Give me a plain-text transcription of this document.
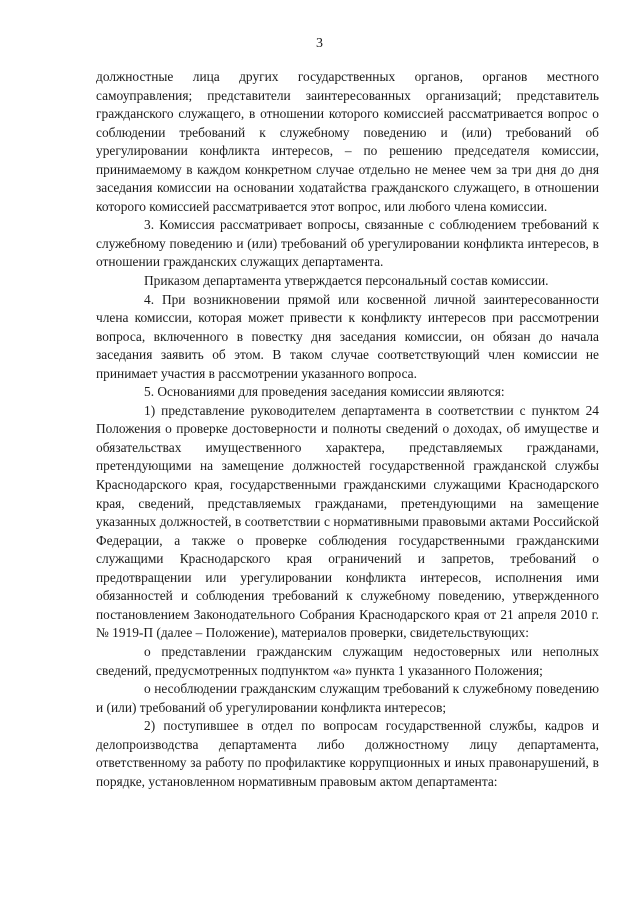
3

должностные лица других государственных органов, органов местного самоуправления; представители заинтересованных организаций; представитель гражданского служащего, в отношении которого комиссией рассматривается вопрос о соблюдении требований к служебному поведению и (или) требований об урегулировании конфликта интересов, – по решению председателя комиссии, принимаемому в каждом конкретном случае отдельно не менее чем за три дня до дня заседания комиссии на основании ходатайства гражданского служащего, в отношении которого комиссией рассматривается этот вопрос, или любого члена комиссии.

3. Комиссия рассматривает вопросы, связанные с соблюдением требований к служебному поведению и (или) требований об урегулировании конфликта интересов, в отношении гражданских служащих департамента.

Приказом департамента утверждается персональный состав комиссии.

4. При возникновении прямой или косвенной личной заинтересованности члена комиссии, которая может привести к конфликту интересов при рассмотрении вопроса, включенного в повестку дня заседания комиссии, он обязан до начала заседания заявить об этом. В таком случае соответствующий член комиссии не принимает участия в рассмотрении указанного вопроса.

5. Основаниями для проведения заседания комиссии являются:

1) представление руководителем департамента в соответствии с пунктом 24 Положения о проверке достоверности и полноты сведений о доходах, об имуществе и обязательствах имущественного характера, представляемых гражданами, претендующими на замещение должностей государственной гражданской службы Краснодарского края, государственными гражданскими служащими Краснодарского края, сведений, представляемых гражданами, претендующими на замещение указанных должностей, в соответствии с нормативными правовыми актами Российской Федерации, а также о проверке соблюдения государственными гражданскими служащими Краснодарского края ограничений и запретов, требований о предотвращении или урегулировании конфликта интересов, исполнения ими обязанностей и соблюдения требований к служебному поведению, утвержденного постановлением Законодательного Собрания Краснодарского края от 21 апреля 2010 г. № 1919-П (далее – Положение), материалов проверки, свидетельствующих:

о представлении гражданским служащим недостоверных или неполных сведений, предусмотренных подпунктом «а» пункта 1 указанного Положения;

о несоблюдении гражданским служащим требований к служебному поведению и (или) требований об урегулировании конфликта интересов;

2) поступившее в отдел по вопросам государственной службы, кадров и делопроизводства департамента либо должностному лицу департамента, ответственному за работу по профилактике коррупционных и иных правонарушений, в порядке, установленном нормативным правовым актом департамента:
